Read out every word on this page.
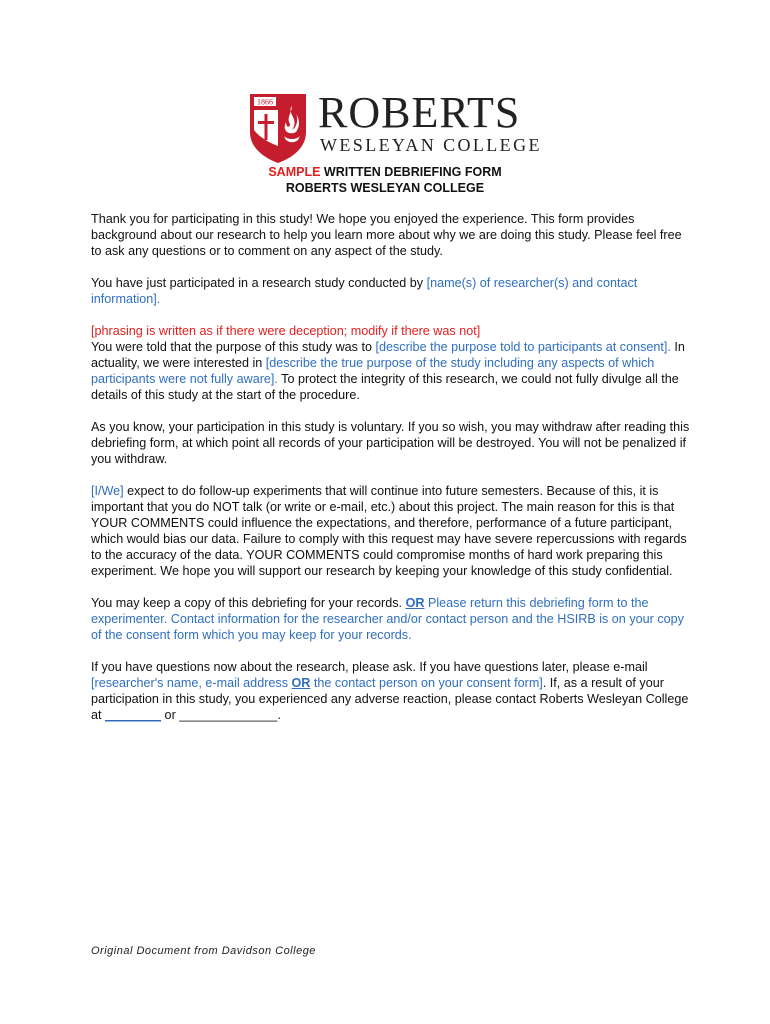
1866 ROBERTS

WESLEYAN COLLEGE

SAMPLE WRITTEN DEBRIEFING FORM

ROBERTS WESLEYAN COLLEGE

Thank you for participating in this study! We hope you enjoyed the experience. This form provides background about our research to help you learn more about why we are doing this study. Please feel free to ask any questions or to comment on any aspect of the study.

You have just participated in a research study conducted by [name(s) of researcher(s) and contact information].

[phrasing is written as if there were deception; modify if there was not]
You were told that the purpose of this study was to [describe the purpose told to participants at consent]. In actuality, we were interested in [describe the true purpose of the study including any aspects of which participants were not fully aware]. To protect the integrity of this research, we could not fully divulge all the details of this study at the start of the procedure.

As you know, your participation in this study is voluntary. If you so wish, you may withdraw after reading this debriefing form, at which point all records of your participation will be destroyed. You will not be penalized if you withdraw.

[I/We] expect to do follow-up experiments that will continue into future semesters. Because of this, it is important that you do NOT talk (or write or e-mail, etc.) about this project. The main reason for this is that YOUR COMMENTS could influence the expectations, and therefore, performance of a future participant, which would bias our data. Failure to comply with this request may have severe repercussions with regards to the accuracy of the data. YOUR COMMENTS could compromise months of hard work preparing this experiment. We hope you will support our research by keeping your knowledge of this study confidential.

You may keep a copy of this debriefing for your records. OR Please return this debriefing form to the experimenter. Contact information for the researcher and/or contact person and the HSIRB is on your copy of the consent form which you may keep for your records.

If you have questions now about the research, please ask. If you have questions later, please e-mail [researcher's name, e-mail address OR the contact person on your consent form]. If, as a result of your participation in this study, you experienced any adverse reaction, please contact Roberts Wesleyan College at ________ or ______________.

Original Document from Davidson College
